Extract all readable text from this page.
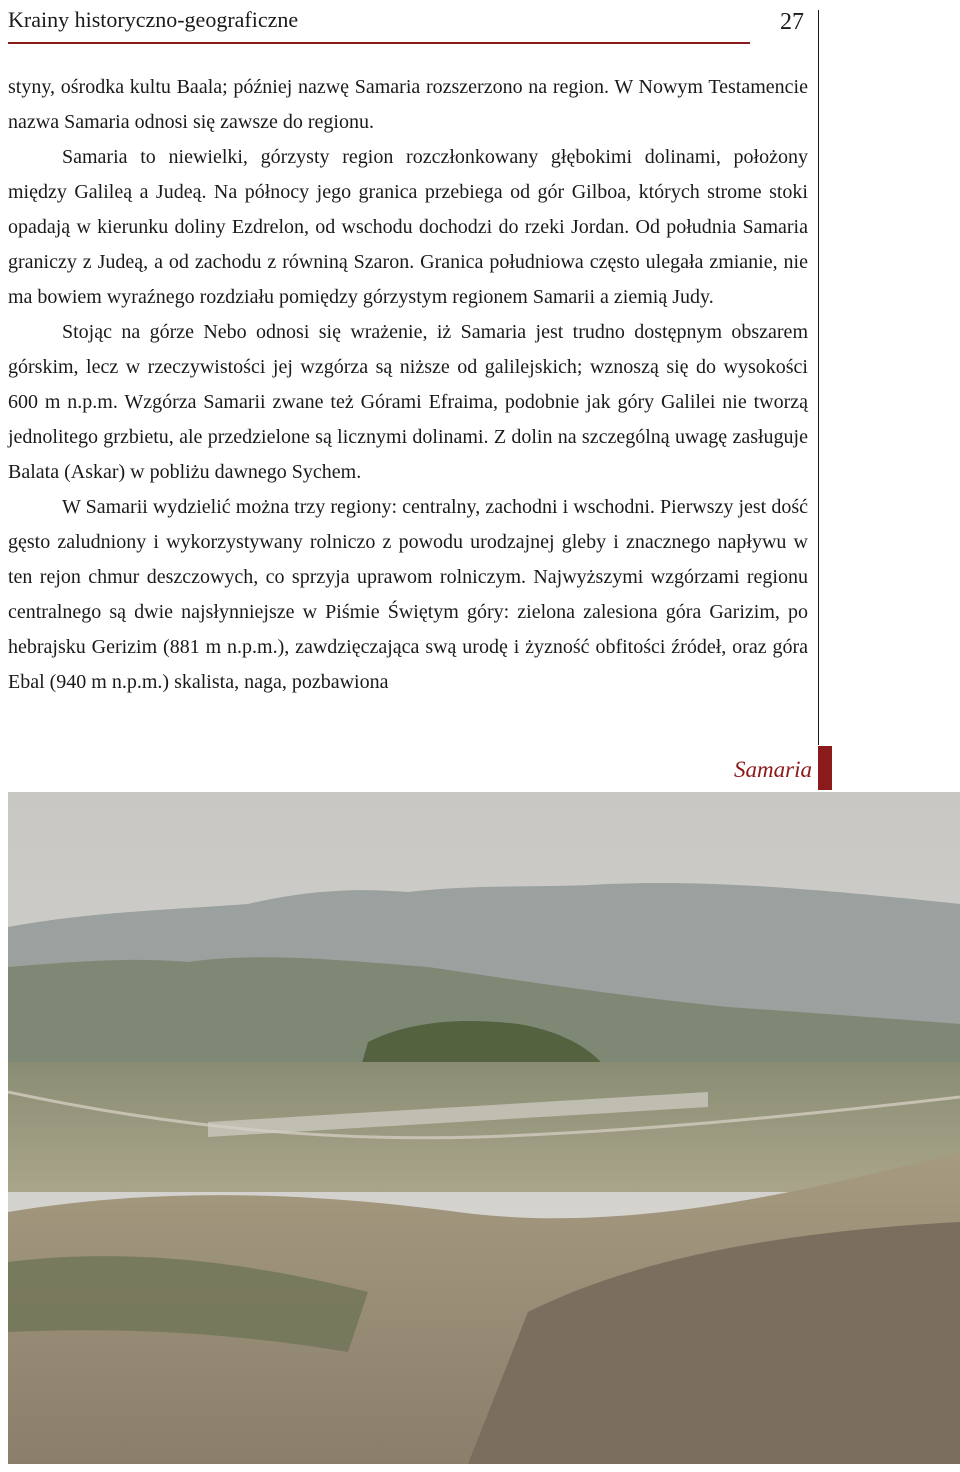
Krainy historyczno-geograficzne	27

styny, ośrodka kultu Baala; później nazwę Samaria rozszerzono na region. W Nowym Testamencie nazwa Samaria odnosi się zawsze do regionu.

Samaria to niewielki, górzysty region rozczłonkowany głębokimi dolinami, położony między Galileą a Judeą. Na północy jego granica przebiega od gór Gilboa, których strome stoki opadają w kierunku doliny Ezdrelon, od wschodu dochodzi do rzeki Jordan. Od południa Samaria graniczy z Judeą, a od zachodu z równiną Szaron. Granica południowa często ulegała zmianie, nie ma bowiem wyraźnego rozdziału pomiędzy górzystym regionem Samarii a ziemią Judy.

Stojąc na górze Nebo odnosi się wrażenie, iż Samaria jest trudno dostępnym obszarem górskim, lecz w rzeczywistości jej wzgórza są niższe od galilejskich; wznoszą się do wysokości 600 m n.p.m. Wzgórza Samarii zwane też Górami Efraima, podobnie jak góry Galilei nie tworzą jednolitego grzbietu, ale przedzielone są licznymi dolinami. Z dolin na szczególną uwagę zasługuje Balata (Askar) w pobliżu dawnego Sychem.

W Samarii wydzielić można trzy regiony: centralny, zachodni i wschodni. Pierwszy jest dość gęsto zaludniony i wykorzystywany rolniczo z powodu urodzajnej gleby i znacznego napływu w ten rejon chmur deszczowych, co sprzyja uprawom rolniczym. Najwyższymi wzgórzami regionu centralnego są dwie najsłynniejsze w Piśmie Świętym góry: zielona zalesiona góra Garizim, po hebrajsku Gerizim (881 m n.p.m.), zawdzięczająca swą urodę i żyzność obfitości źródeł, oraz góra Ebal (940 m n.p.m.) skalista, naga, pozbawiona

Samaria
